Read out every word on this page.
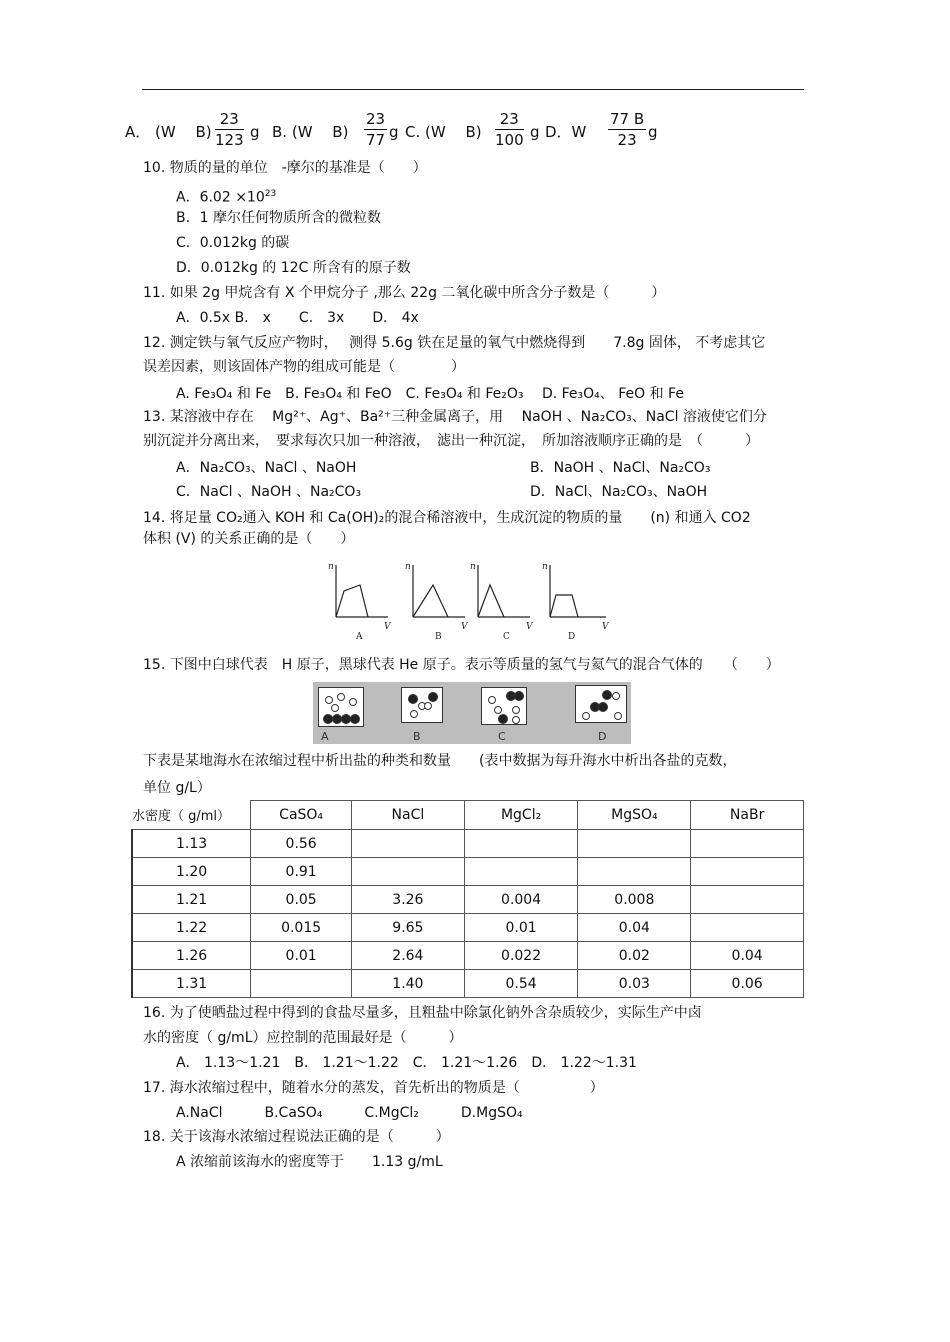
A． (W　 $B) \frac{23}{123}$ g B. (W　 $B) \frac{23}{77}$ g C. (W　 $B) \frac{23}{100}$ g D．W $\frac{77 B}{23}$ g
10. 物质的量的单位　-摩尔的基准是（　　）
A．$6.02 \times 10^{23}$
B．1 摩尔任何物质所含的微粒数
C．0.012kg 的碳
D．0.012kg 的 12C 所含有的原子数
11. 如果 2g 甲烷含有 X 个甲烷分子 ,那么 22g 二氧化碳中所含分子数是（　　　）
A．0.5x B． x　　C． 3x　　D． 4x
12. 测定铁与氧气反应产物时，　 测得 5.6g 铁在足量的氧气中燃烧得到　　7.8g 固体， 不考虑其它
误差因素，则该固体产物的组成可能是（　　　　）
A. Fe₃O₄ 和 Fe　B. Fe₃O₄ 和 FeO　C. Fe₃O₄ 和 Fe₂O₃　 D. Fe₃O₄、 FeO 和 Fe
13. 某溶液中存在　 Mg²⁺、Ag⁺、Ba²⁺三种金属离子，用　 NaOH 、Na₂CO₃、NaCl 溶液使它们分
别沉淀并分离出来，　要求每次只加一种溶液，　滤出一种沉淀，　所加溶液顺序正确的是　（　　　）
A．Na₂CO₃、NaCl 、NaOH	B．NaOH 、NaCl、Na₂CO₃
C．NaCl 、NaOH 、Na₂CO₃	D．NaCl、Na₂CO₃、NaOH
14. 将足量 CO₂通入 KOH 和 Ca(OH)₂的混合稀溶液中，生成沉淀的物质的量　　(n) 和通入 CO2
体积 (V) 的关系正确的是（　　）
n
V
A
n
V
B
n
V
C
n
V
D
15. 下图中白球代表　H 原子，黑球代表 He 原子。表示等质量的氢气与氦气的混合气体的　　（　　）
A	B	C	D
下表是某地海水在浓缩过程中析出盐的种类和数量　　(表中数据为每升海水中析出各盐的克数，
单位 g/L）
水密度（ g/ml）	CaSO₄	NaCl	MgCl₂	MgSO₄	NaBr
1.13	0.56				
1.20	0.91				
1.21	0.05	3.26	0.004	0.008	
1.22	0.015	9.65	0.01	0.04	
1.26	0.01	2.64	0.022	0.02	0.04
1.31		1.40	0.54	0.03	0.06
16. 为了使晒盐过程中得到的食盐尽量多，且粗盐中除氯化钠外含杂质较少，实际生产中卤
水的密度（ g/mL）应控制的范围最好是（　　　）
A． 1.13～1.21　B． 1.21～1.22　C． 1.21～1.26　D． 1.22～1.31
17. 海水浓缩过程中，随着水分的蒸发，首先析出的物质是（　　　　　）
A.NaCl　　　B.CaSO₄　　　C.MgCl₂　　　D.MgSO₄
18. 关于该海水浓缩过程说法正确的是（　　　）
A 浓缩前该海水的密度等于　　1.13 g/mL
